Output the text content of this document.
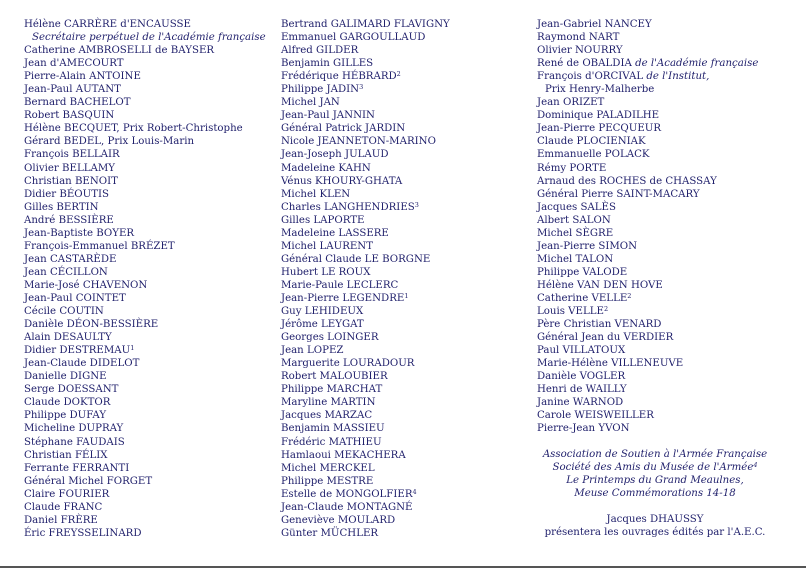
Hélène CARRÈRE d'ENCAUSSE
Secrétaire perpétuel de l'Académie française
Catherine AMBROSELLI de BAYSER
Jean d'AMECOURT
Pierre-Alain ANTOINE
Jean-Paul AUTANT
Bernard BACHELOT
Robert BASQUIN
Hélène BECQUET, Prix Robert-Christophe
Gérard BEDEL, Prix Louis-Marin
François BELLAIR
Olivier BELLAMY
Christian BENOIT
Didier BÉOUTIS
Gilles BERTIN
André BESSIÈRE
Jean-Baptiste BOYER
François-Emmanuel BRÉZET
Jean CASTARÈDE
Jean CÉCILLON
Marie-José CHAVENON
Jean-Paul COINTET
Cécile COUTIN
Danièle DÉON-BESSIÈRE
Alain DESAULTY
Didier DESTREMAU$^1$
Jean-Claude DIDELOT
Danielle DIGNE
Serge DOESSANT
Claude DOKTOR
Philippe DUFAY
Micheline DUPRAY
Stéphane FAUDAIS
Christian FÉLIX
Ferrante FERRANTI
Général Michel FORGET
Claire FOURIER
Claude FRANC
Daniel FRÈRE
Éric FREYSSELINARD
Bertrand GALIMARD FLAVIGNY
Emmanuel GARGOULLAUD
Alfred GILDER
Benjamin GILLES
Frédérique HÉBRARD$^2$
Philippe JADIN$^3$
Michel JAN
Jean-Paul JANNIN
Général Patrick JARDIN
Nicole JEANNETON-MARINO
Jean-Joseph JULAUD
Madeleine KAHN
Vénus KHOURY-GHATA
Michel KLEN
Charles LANGHENDRIES$^3$
Gilles LAPORTE
Madeleine LASSERE
Michel LAURENT
Général Claude LE BORGNE
Hubert LE ROUX
Marie-Paule LECLERC
Jean-Pierre LEGENDRE$^1$
Guy LEHIDEUX
Jérôme LEYGAT
Georges LOINGER
Jean LOPEZ
Marguerite LOURADOUR
Robert MALOUBIER
Philippe MARCHAT
Maryline MARTIN
Jacques MARZAC
Benjamin MASSIEU
Frédéric MATHIEU
Hamlaoui MEKACHERA
Michel MERCKEL
Philippe MESTRE
Estelle de MONGOLFIER$^4$
Jean-Claude MONTAGNÉ
Geneviève MOULARD
Günter MÜCHLER
Jean-Gabriel NANCEY
Raymond NART
Olivier NOURRY
René de OBALDIA de l'Académie française
François d'ORCIVAL de l'Institut,
Prix Henry-Malherbe
Jean ORIZET
Dominique PALADILHE
Jean-Pierre PECQUEUR
Claude PLOCIENIAK
Emmanuelle POLACK
Rémy PORTE
Arnaud des ROCHES de CHASSAY
Général Pierre SAINT-MACARY
Jacques SALÈS
Albert SALON
Michel SÈGRE
Jean-Pierre SIMON
Michel TALON
Philippe VALODE
Hélène VAN DEN HOVE
Catherine VELLE$^2$
Louis VELLE$^2$
Père Christian VENARD
Général Jean du VERDIER
Paul VILLATOUX
Marie-Hélène VILLENEUVE
Danièle VOGLER
Henri de WAILLY
Janine WARNOD
Carole WEISWEILLER
Pierre-Jean YVON
Association de Soutien à l'Armée Française
Société des Amis du Musée de l'Armée$^4$
Le Printemps du Grand Meaulnes,
Meuse Commémorations 14-18
Jacques DHAUSSY
présentera les ouvrages édités par l'A.E.C.
